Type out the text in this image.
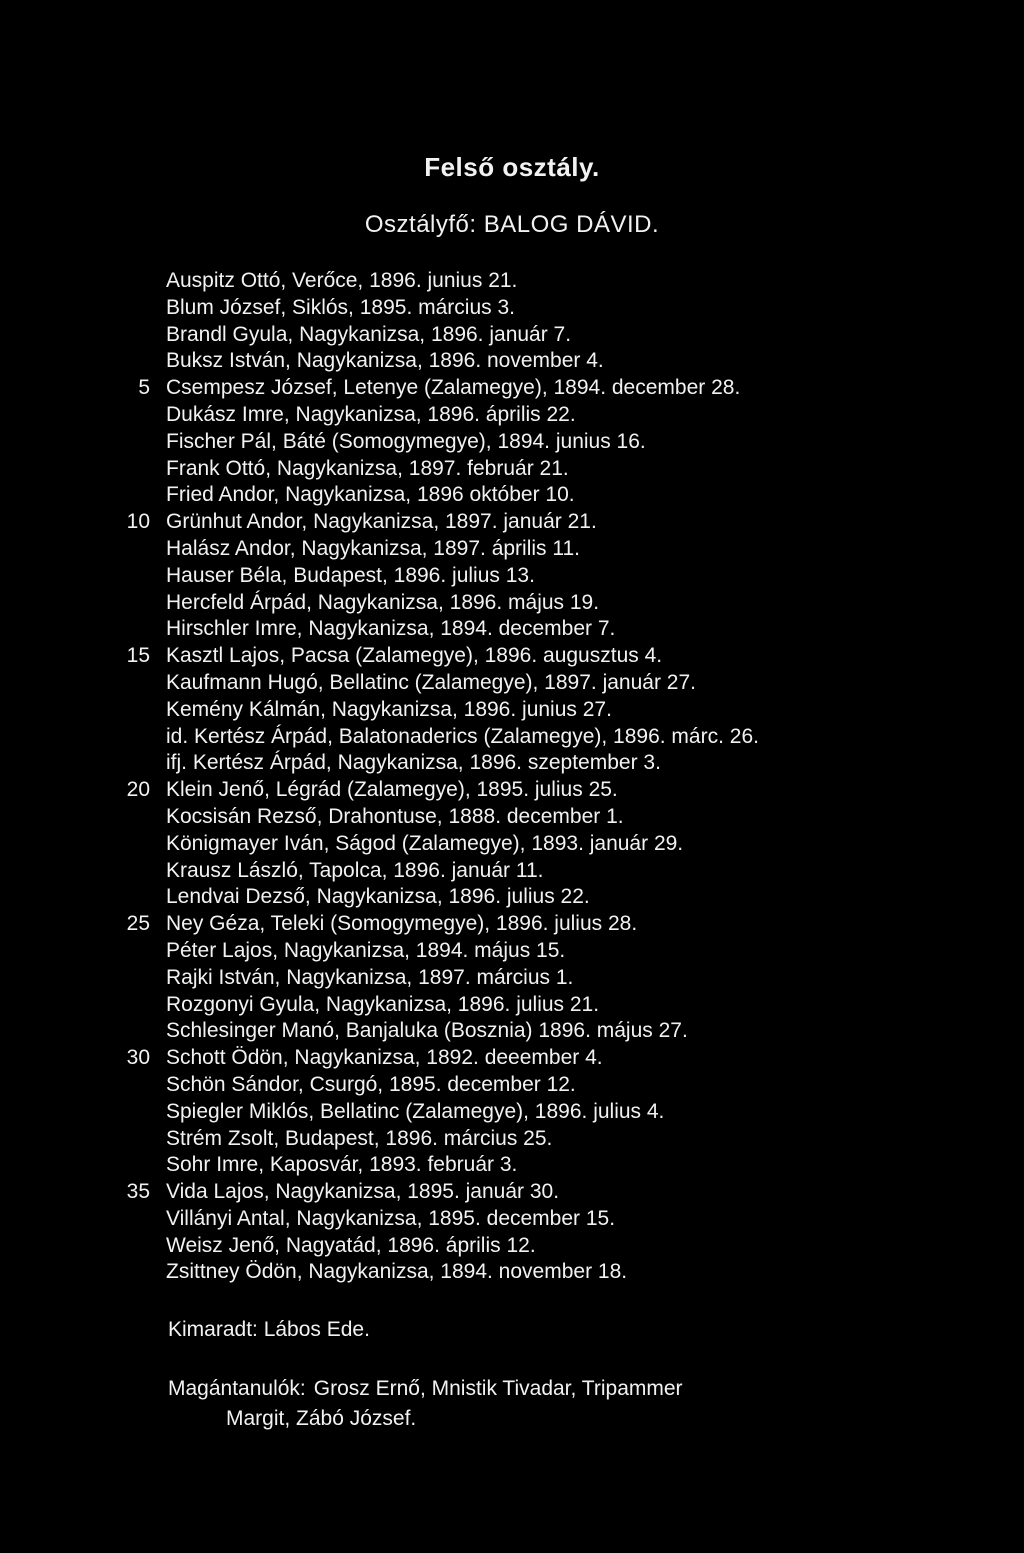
Felső osztály.
Osztályfő: BALOG DÁVID.
Auspitz Ottó, Verőce, 1896. junius 21.
Blum József, Siklós, 1895. március 3.
Brandl Gyula, Nagykanizsa, 1896. január 7.
Buksz István, Nagykanizsa, 1896. november 4.
5 Csempesz József, Letenye (Zalamegye), 1894. december 28.
Dukász Imre, Nagykanizsa, 1896. április 22.
Fischer Pál, Báté (Somogymegye), 1894. junius 16.
Frank Ottó, Nagykanizsa, 1897. február 21.
Fried Andor, Nagykanizsa, 1896 október 10.
10 Grünhut Andor, Nagykanizsa, 1897. január 21.
Halász Andor, Nagykanizsa, 1897. április 11.
Hauser Béla, Budapest, 1896. julius 13.
Hercfeld Árpád, Nagykanizsa, 1896. május 19.
Hirschler Imre, Nagykanizsa, 1894. december 7.
15 Kasztl Lajos, Pacsa (Zalamegye), 1896. augusztus 4.
Kaufmann Hugó, Bellatinc (Zalamegye), 1897. január 27.
Kemény Kálmán, Nagykanizsa, 1896. junius 27.
id. Kertész Árpád, Balatonaderics (Zalamegye), 1896. márc. 26.
ifj. Kertész Árpád, Nagykanizsa, 1896. szeptember 3.
20 Klein Jenő, Légrád (Zalamegye), 1895. julius 25.
Kocsisán Rezső, Drahontuse, 1888. december 1.
Königmayer Iván, Ságod (Zalamegye), 1893. január 29.
Krausz László, Tapolca, 1896. január 11.
Lendvai Dezső, Nagykanizsa, 1896. julius 22.
25 Ney Géza, Teleki (Somogymegye), 1896. julius 28.
Péter Lajos, Nagykanizsa, 1894. május 15.
Rajki István, Nagykanizsa, 1897. március 1.
Rozgonyi Gyula, Nagykanizsa, 1896. julius 21.
Schlesinger Manó, Banjaluka (Bosznia) 1896. május 27.
30 Schott Ödön, Nagykanizsa, 1892. deeember 4.
Schön Sándor, Csurgó, 1895. december 12.
Spiegler Miklós, Bellatinc (Zalamegye), 1896. julius 4.
Strém Zsolt, Budapest, 1896. március 25.
Sohr Imre, Kaposvár, 1893. február 3.
35 Vida Lajos, Nagykanizsa, 1895. január 30.
Villányi Antal, Nagykanizsa, 1895. december 15.
Weisz Jenő, Nagyatád, 1896. április 12.
Zsittney Ödön, Nagykanizsa, 1894. november 18.
Kimaradt: Lábos Ede.
Magántanulók: Grosz Ernő, Mnistik Tivadar, Tripammer
Margit, Zábó József.
